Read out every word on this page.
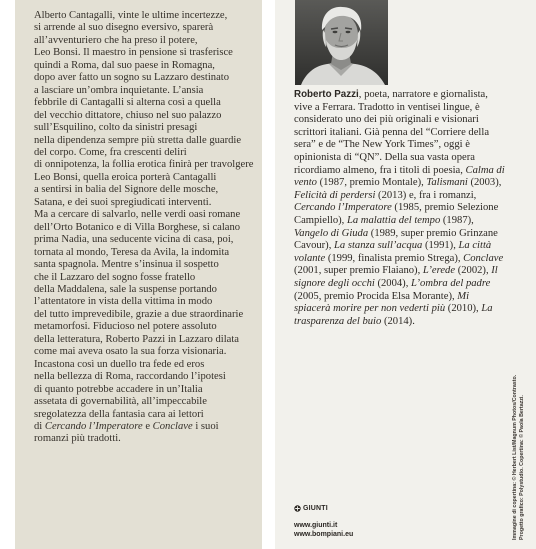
Alberto Cantagalli, vinte le ultime incertezze,
si arrende al suo disegno eversivo, sparerà
all’avventuriero che ha preso il potere,
Leo Bonsi. Il maestro in pensione si trasferisce
quindi a Roma, dal suo paese in Romagna,
dopo aver fatto un sogno su Lazzaro destinato
a lasciare un’ombra inquietante. L’ansia
febbrile di Cantagalli si alterna così a quella
del vecchio dittatore, chiuso nel suo palazzo
sull’Esquilino, colto da sinistri presagi
nella dipendenza sempre più stretta dalle guardie
del corpo. Come, fra crescenti deliri
di onnipotenza, la follia erotica finirà per travolgere
Leo Bonsi, quella eroica porterà Cantagalli
a sentirsi in balia del Signore delle mosche,
Satana, e dei suoi spregiudicati interventi.
Ma a cercare di salvarlo, nelle verdi oasi romane
dell’Orto Botanico e di Villa Borghese, si calano
prima Nadia, una seducente vicina di casa, poi,
tornata al mondo, Teresa da Avila, la indomita
santa spagnola. Mentre s’insinua il sospetto
che il Lazzaro del sogno fosse fratello
della Maddalena, sale la suspense portando
l’attentatore in vista della vittima in modo
del tutto imprevedibile, grazie a due straordinarie
metamorfosi. Fiducioso nel potere assoluto
della letteratura, Roberto Pazzi in Lazzaro dilata
come mai aveva osato la sua forza visionaria.
Incastona così un duello tra fede ed eros
nella bellezza di Roma, raccordando l’ipotesi
di quanto potrebbe accadere in un’Italia
assetata di governabilità, all’impeccabile
sregolatezza della fantasia cara ai lettori
di Cercando l’Imperatore e Conclave i suoi
romanzi più tradotti.
Roberto Pazzi, poeta, narratore e giornalista, vive a Ferrara. Tradotto in ventisei lingue, è considerato uno dei più originali e visionari scrittori italiani. Già penna del “Corriere della sera” e de “The New York Times”, oggi è opinionista di “QN”. Della sua vasta opera ricordiamo almeno, fra i titoli di poesia, Calma di vento (1987, premio Montale), Talismani (2003), Felicità di perdersi (2013) e, fra i romanzi, Cercando l’Imperatore (1985, premio Selezione Campiello), La malattia del tempo (1987), Vangelo di Giuda (1989, super premio Grinzane Cavour), La stanza sull’acqua (1991), La città volante (1999, finalista premio Strega), Conclave (2001, super premio Flaiano), L’erede (2002), Il signore degli occhi (2004), L’ombra del padre (2005, premio Procida Elsa Morante), Mi spiacerà morire per non vederti più (2010), La trasparenza del buio (2014).
GIUNTI
www.giunti.it
www.bompiani.eu	Immagine di copertina: © Herbert List/Magnum Photos/Contrasto. Progetto grafico: Polystudio. Copertina: © Paola Bertazzi.
